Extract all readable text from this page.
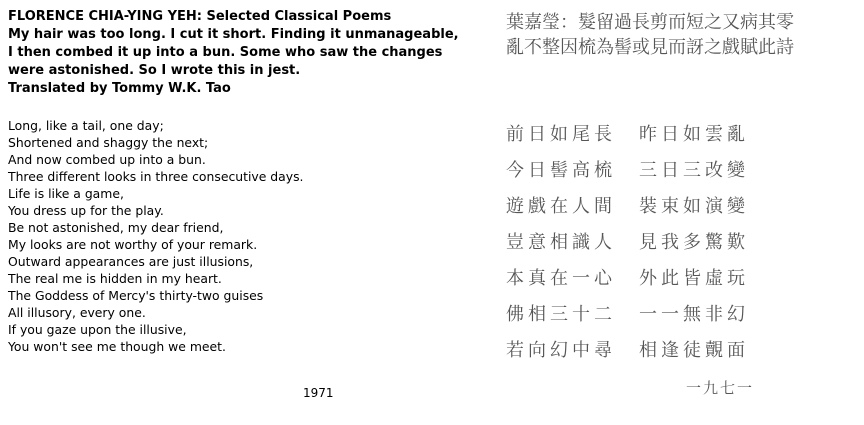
FLORENCE CHIA-YING YEH: Selected Classical Poems
My hair was too long. I cut it short. Finding it unmanageable,
I then combed it up into a bun. Some who saw the changes
were astonished. So I wrote this in jest.
Translated by Tommy W.K. Tao
Long, like a tail, one day;
Shortened and shaggy the next;
And now combed up into a bun.
Three different looks in three consecutive days.
Life is like a game,
You dress up for the play.
Be not astonished, my dear friend,
My looks are not worthy of your remark.
Outward appearances are just illusions,
The real me is hidden in my heart.
The Goddess of Mercy's thirty-two guises
All illusory, every one.
If you gaze upon the illusive,
You won't see me though we meet.
1971
葉嘉瑩：髮留過長剪而短之又病其零
亂不整因梳為髻或見而訝之戲賦此詩
前日如尾長	昨日如雲亂
今日髻高梳	三日三改變
遊戲在人間	裝束如演變
豈意相識人	見我多驚歎
本真在一心	外此皆虛玩
佛相三十二	一一無非幻
若向幻中尋	相逢徒覿面
一九七一
